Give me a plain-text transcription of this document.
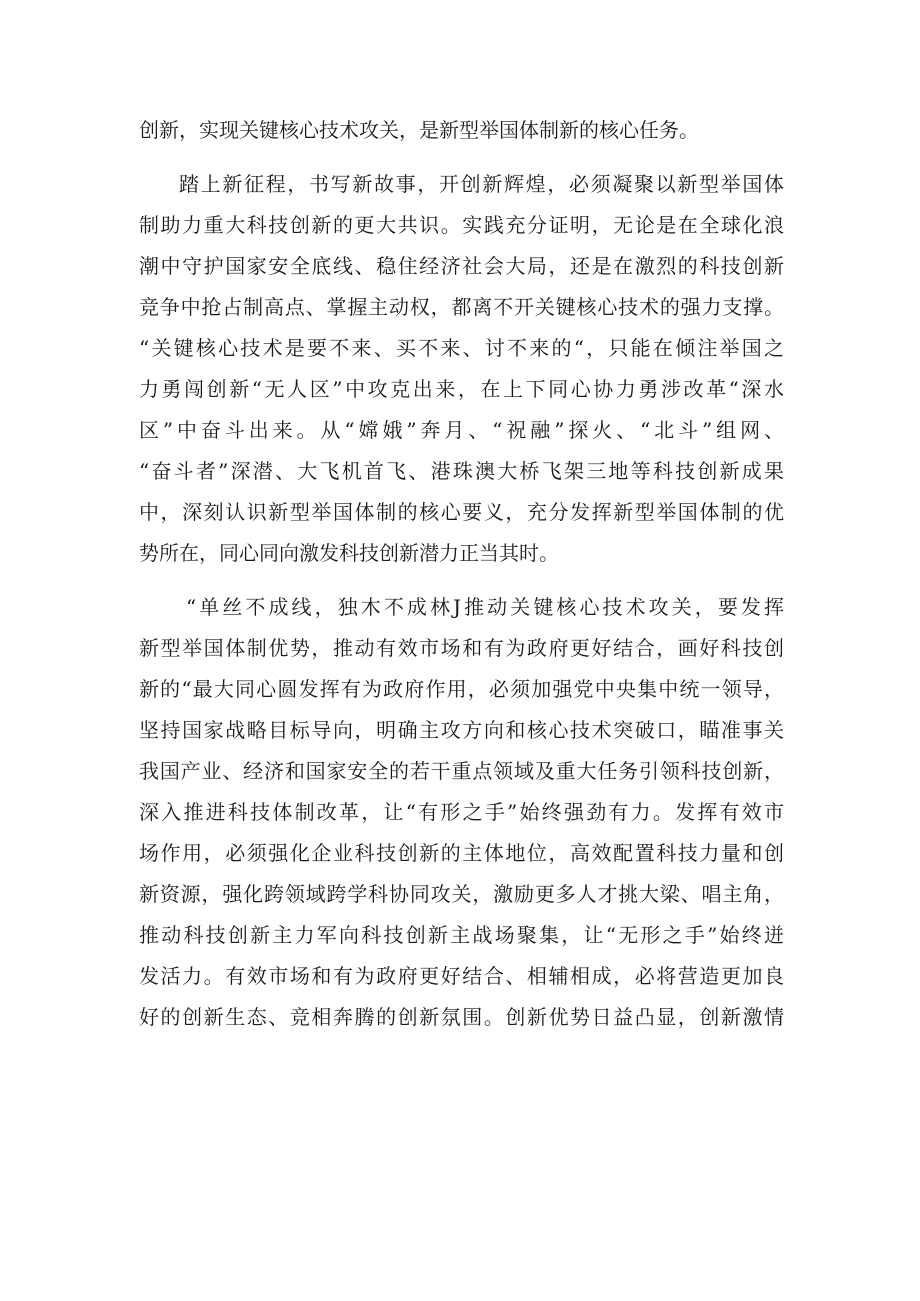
创新，实现关键核心技术攻关，是新型举国体制新的核心任务。
踏上新征程，书写新故事，开创新辉煌，必须凝聚以新型举国体
制助力重大科技创新的更大共识。实践充分证明，无论是在全球化浪
潮中守护国家安全底线、稳住经济社会大局，还是在激烈的科技创新
竞争中抢占制高点、掌握主动权，都离不开关键核心技术的强力支撑。
“关键核心技术是要不来、买不来、讨不来的“，只能在倾注举国之
力勇闯创新“无人区”中攻克出来，在上下同心协力勇涉改革“深水
区”中奋斗出来。从“嫦娥”奔月、“祝融”探火、“北斗”组网、
“奋斗者”深潜、大飞机首飞、港珠澳大桥飞架三地等科技创新成果
中，深刻认识新型举国体制的核心要义，充分发挥新型举国体制的优
势所在，同心同向激发科技创新潜力正当其时。
“单丝不成线，独木不成林J推动关键核心技术攻关，要发挥
新型举国体制优势，推动有效市场和有为政府更好结合，画好科技创
新的“最大同心圆发挥有为政府作用，必须加强党中央集中统一领导，
坚持国家战略目标导向，明确主攻方向和核心技术突破口，瞄准事关
我国产业、经济和国家安全的若干重点领域及重大任务引领科技创新，
深入推进科技体制改革，让“有形之手”始终强劲有力。发挥有效市
场作用，必须强化企业科技创新的主体地位，高效配置科技力量和创
新资源，强化跨领域跨学科协同攻关，激励更多人才挑大梁、唱主角，
推动科技创新主力军向科技创新主战场聚集，让“无形之手”始终迸
发活力。有效市场和有为政府更好结合、相辅相成，必将营造更加良
好的创新生态、竞相奔腾的创新氛围。创新优势日益凸显，创新激情
